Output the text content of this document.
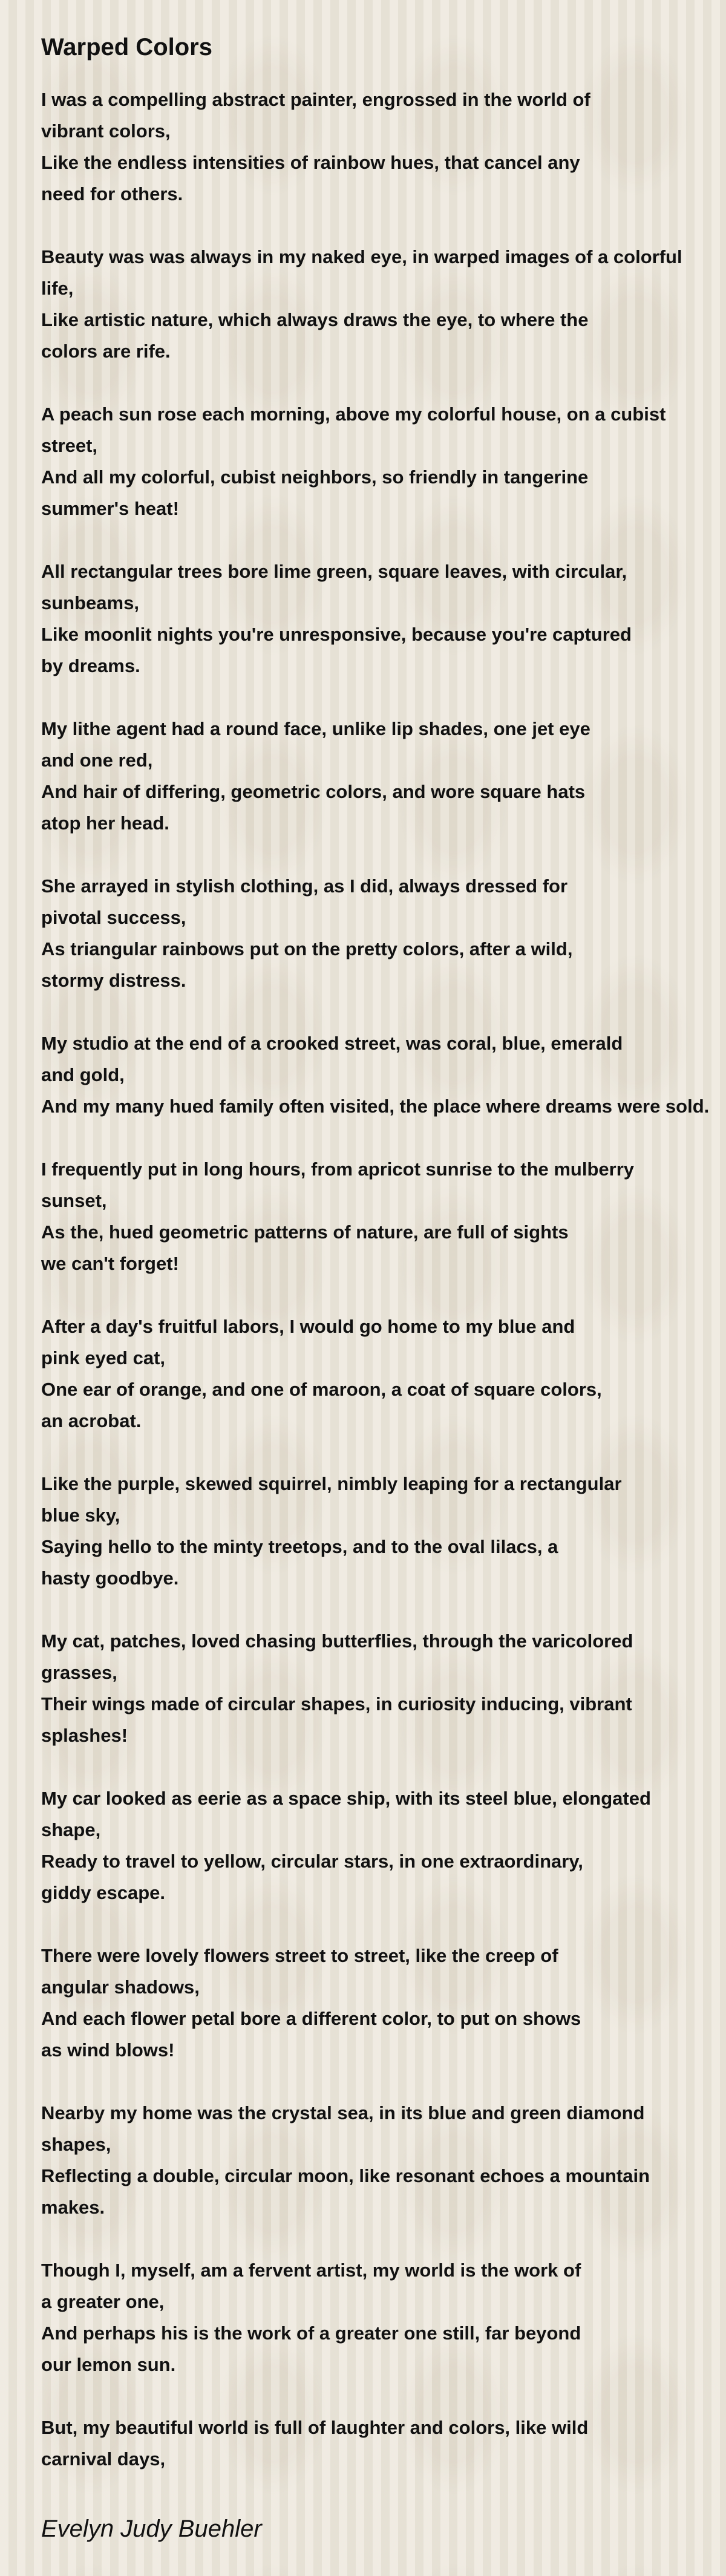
Warped Colors
I was a compelling abstract painter, engrossed in the world of
vibrant colors,
Like the endless intensities of rainbow hues, that cancel any
need for others.
Beauty was was always in my naked eye, in warped images of a colorful
life,
Like artistic nature, which always draws the eye, to where the
colors are rife.
A peach sun rose each morning, above my colorful house, on a cubist
street,
And all my colorful, cubist neighbors, so friendly in tangerine
summer's heat!
All rectangular trees bore lime green, square leaves, with circular,
sunbeams,
Like moonlit nights you're unresponsive, because you're captured
by dreams.
My lithe agent had a round face, unlike lip shades, one jet eye
and one red,
And hair of differing, geometric colors, and wore square hats
atop her head.
She arrayed in stylish clothing, as I did, always dressed for
pivotal success,
As triangular rainbows put on the pretty colors, after a wild,
stormy distress.
My studio at the end of a crooked street, was coral, blue, emerald
and gold,
And my many hued family often visited, the place where dreams were sold.
I frequently put in long hours, from apricot sunrise to the mulberry
sunset,
As the, hued geometric patterns of nature, are full of sights
we can't forget!
After a day's fruitful labors, I would go home to my blue and
pink eyed cat,
One ear of orange, and one of maroon, a coat of square colors,
an acrobat.
Like the purple, skewed squirrel, nimbly leaping for a rectangular
blue sky,
Saying hello to the minty treetops, and to the oval lilacs, a
hasty goodbye.
My cat, patches, loved chasing butterflies, through the varicolored
grasses,
Their wings made of circular shapes, in curiosity inducing, vibrant
splashes!
My car looked as eerie as a space ship, with its steel blue, elongated
shape,
Ready to travel to yellow, circular stars, in one extraordinary,
giddy escape.
There were lovely flowers street to street, like the creep of
angular shadows,
And each flower petal bore a different color, to put on shows
as wind blows!
Nearby my home was the crystal sea, in its blue and green diamond
shapes,
Reflecting a double, circular moon, like resonant echoes a mountain
makes.
Though I, myself, am a fervent artist, my world is the work of
a greater one,
And perhaps his is the work of a greater one still, far beyond
our lemon sun.
But, my beautiful world is full of laughter and colors, like wild
carnival days,

Evelyn Judy Buehler
